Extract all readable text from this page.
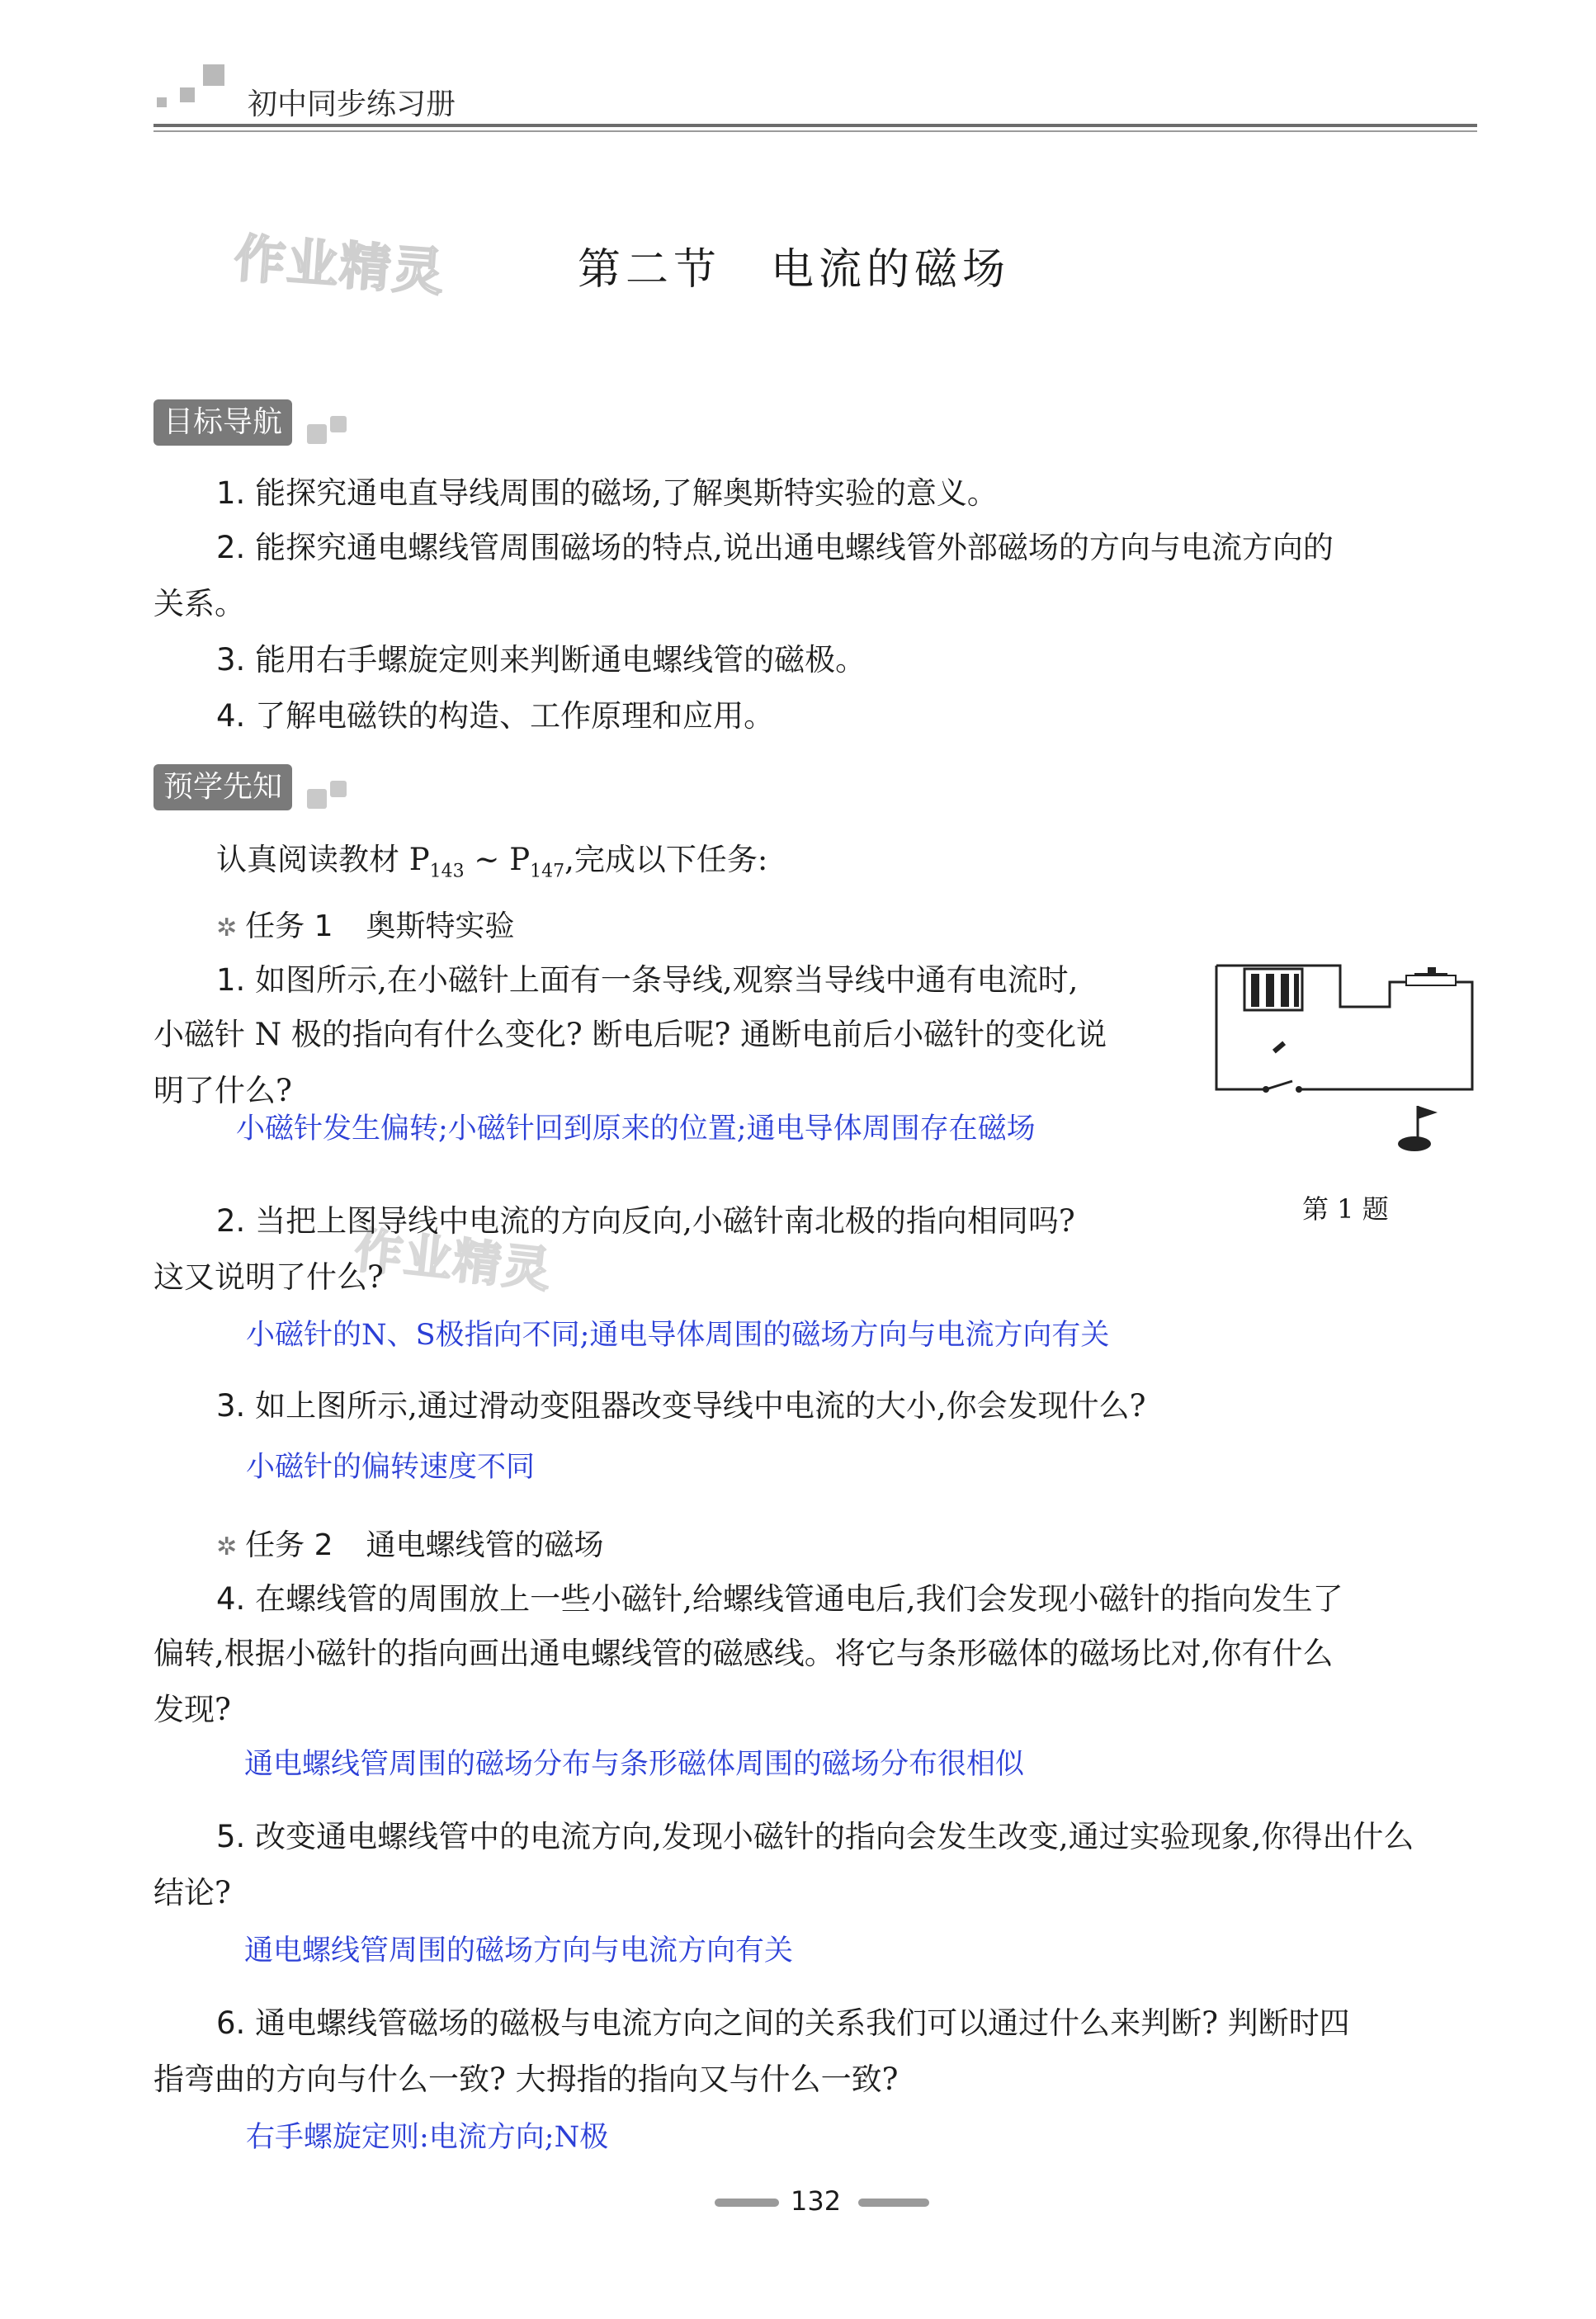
初中同步练习册
作业精灵
作业精灵
第二节 电流的磁场
目标导航
1. 能探究通电直导线周围的磁场,了解奥斯特实验的意义。
2. 能探究通电螺线管周围磁场的特点,说出通电螺线管外部磁场的方向与电流方向的
关系。
3. 能用右手螺旋定则来判断通电螺线管的磁极。
4. 了解电磁铁的构造、工作原理和应用。
预学先知
认真阅读教材 $P_{143}$ ~ $P_{147}$,完成以下任务:
✲ 任务 1 奥斯特实验
1. 如图所示,在小磁针上面有一条导线,观察当导线中通有电流时,
小磁针 N 极的指向有什么变化? 断电后呢? 通断电前后小磁针的变化说
明了什么?
小磁针发生偏转;小磁针回到原来的位置;通电导体周围存在磁场
第 1 题
2. 当把上图导线中电流的方向反向,小磁针南北极的指向相同吗?
这又说明了什么?
小磁针的N、S极指向不同;通电导体周围的磁场方向与电流方向有关
3. 如上图所示,通过滑动变阻器改变导线中电流的大小,你会发现什么?
小磁针的偏转速度不同
✲ 任务 2 通电螺线管的磁场
4. 在螺线管的周围放上一些小磁针,给螺线管通电后,我们会发现小磁针的指向发生了
偏转,根据小磁针的指向画出通电螺线管的磁感线。将它与条形磁体的磁场比对,你有什么
发现?
通电螺线管周围的磁场分布与条形磁体周围的磁场分布很相似
5. 改变通电螺线管中的电流方向,发现小磁针的指向会发生改变,通过实验现象,你得出什么
结论?
通电螺线管周围的磁场方向与电流方向有关
6. 通电螺线管磁场的磁极与电流方向之间的关系我们可以通过什么来判断? 判断时四
指弯曲的方向与什么一致? 大拇指的指向又与什么一致?
右手螺旋定则:电流方向;N极
132
